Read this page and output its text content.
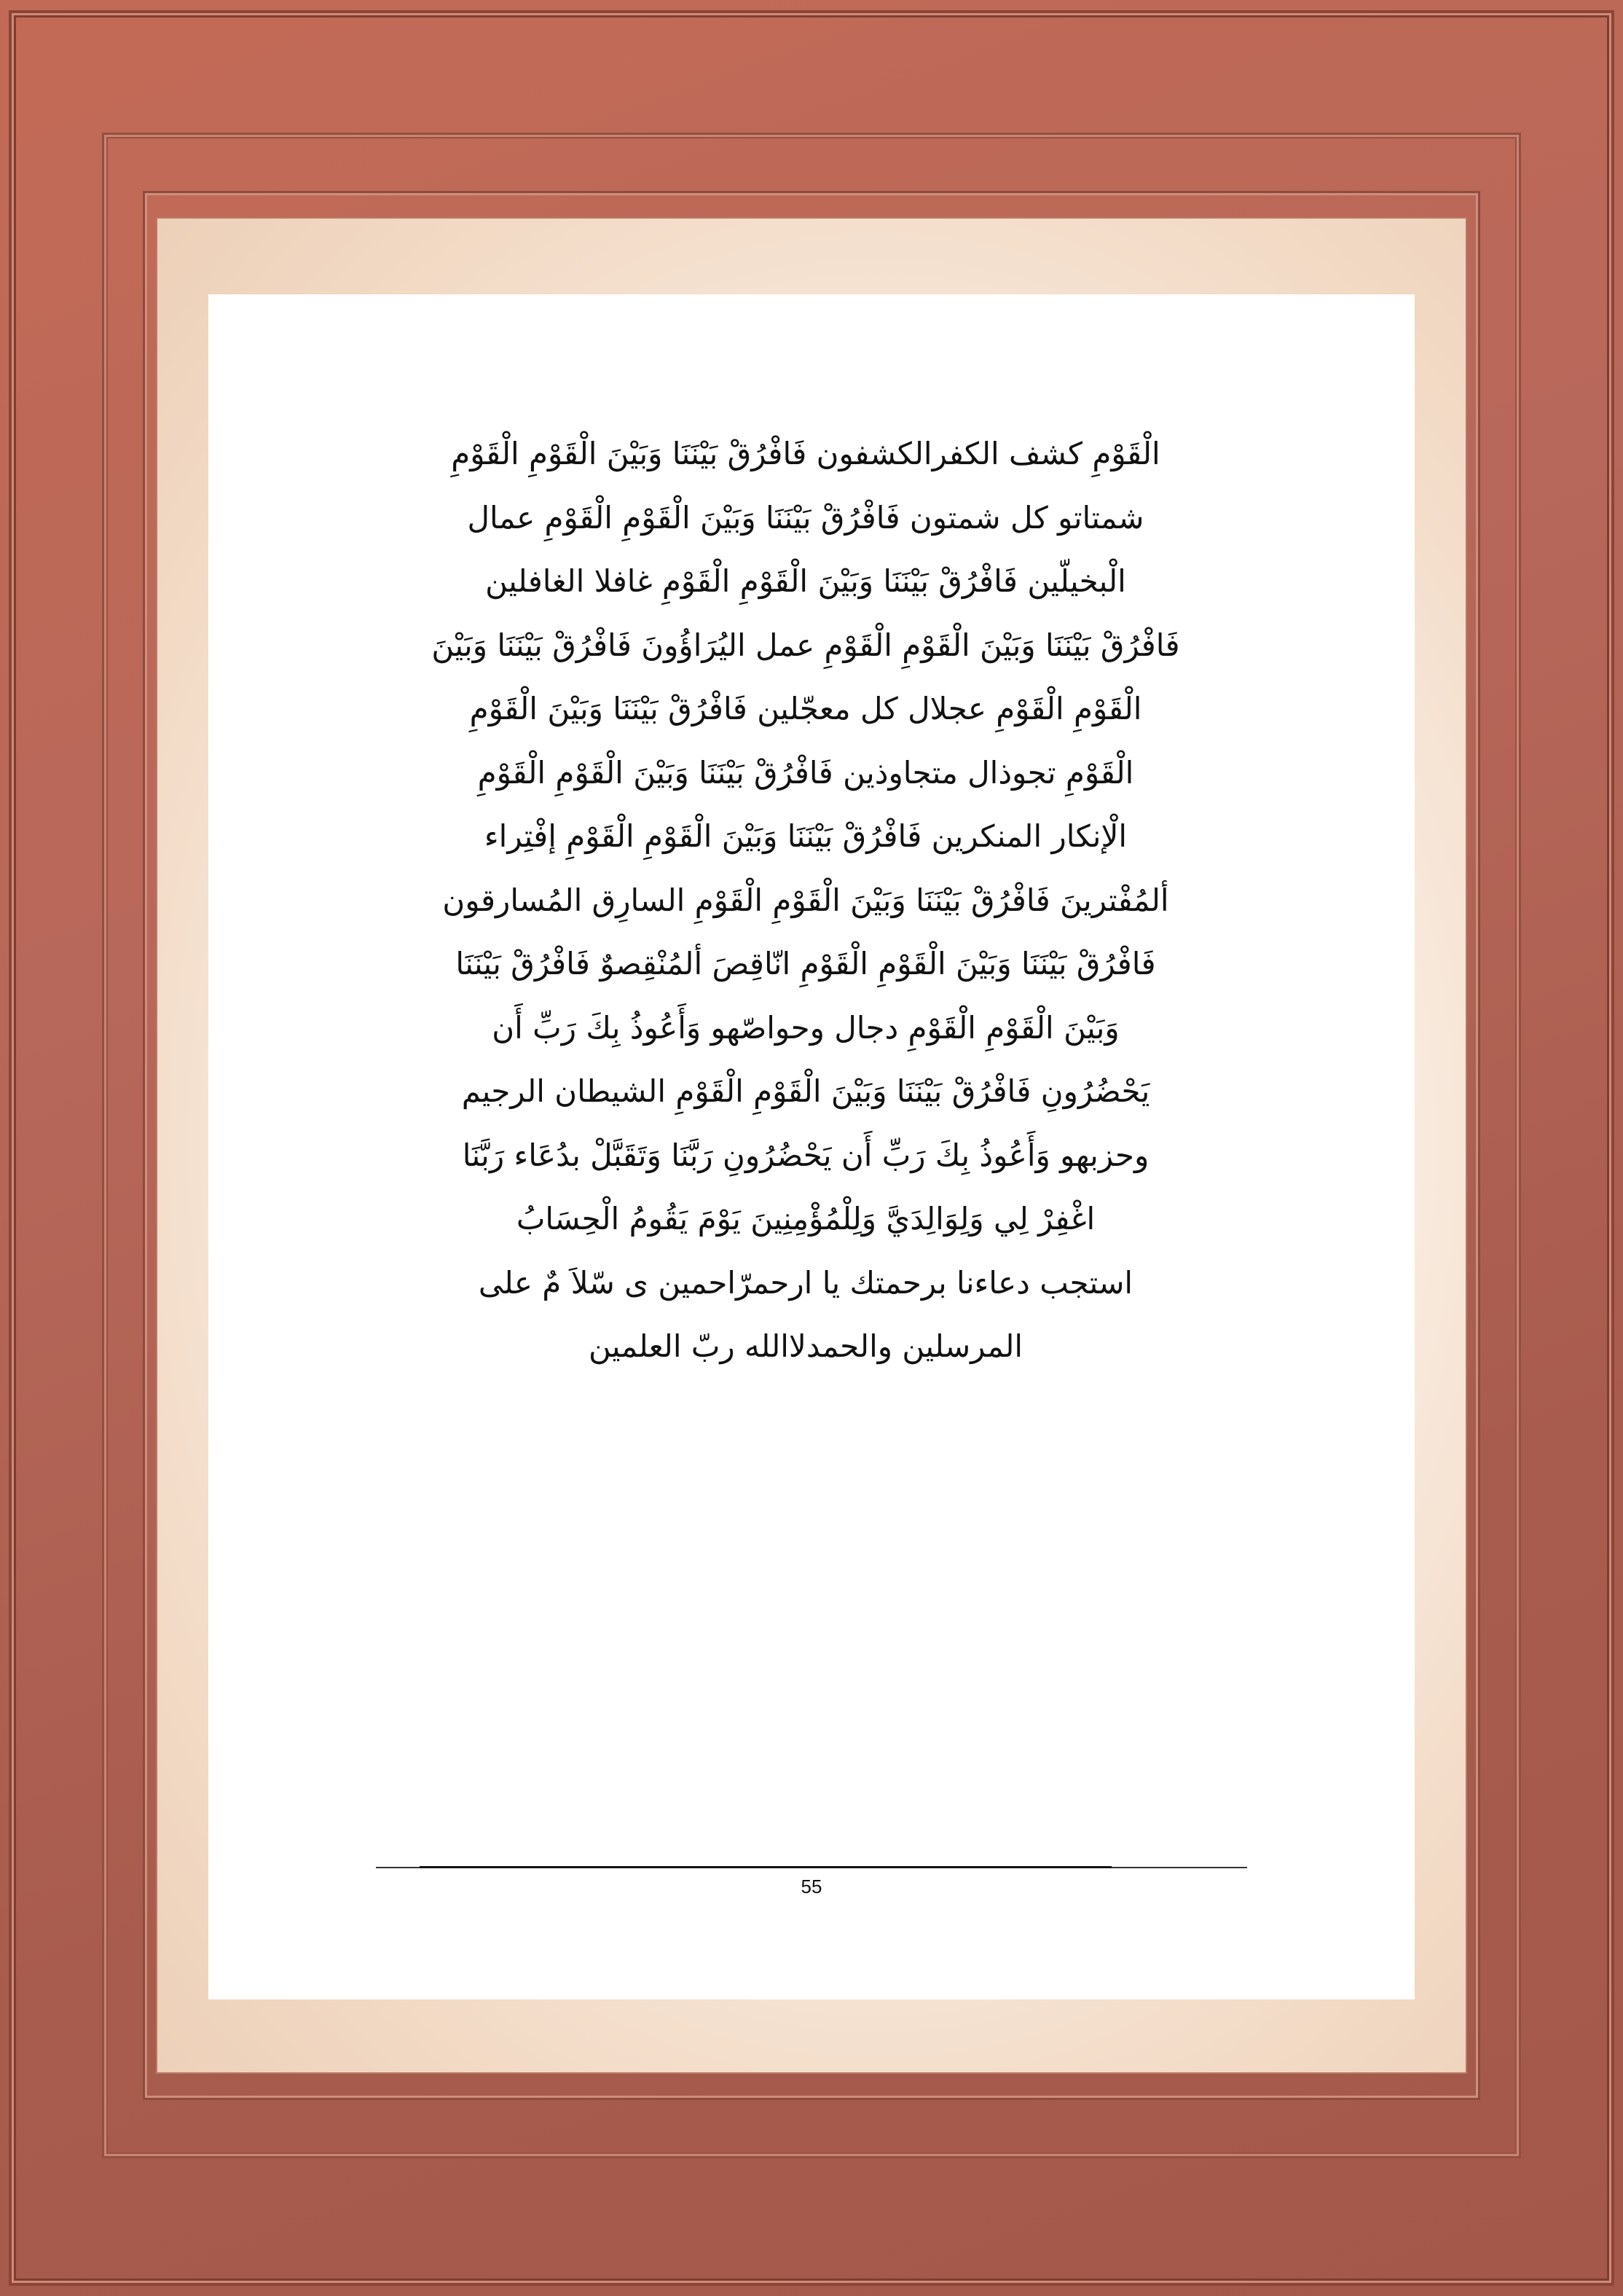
الْقَوْمِ كشف الكفرالكشفون فَافْرُقْ بَيْنَنَا وَبَيْنَ الْقَوْمِ الْقَوْمِ
شمتاتو كل شمتون فَافْرُقْ بَيْنَنَا وَبَيْنَ الْقَوْمِ الْقَوْمِ عمال
الْبخيلّين فَافْرُقْ بَيْنَنَا وَبَيْنَ الْقَوْمِ الْقَوْمِ غافلا الغافلين
فَافْرُقْ بَيْنَنَا وَبَيْنَ الْقَوْمِ الْقَوْمِ عمل اليُرَاؤُونَ فَافْرُقْ بَيْنَنَا وَبَيْنَ
الْقَوْمِ الْقَوْمِ عجلال كل معجّلين فَافْرُقْ بَيْنَنَا وَبَيْنَ الْقَوْمِ
الْقَوْمِ تجوذال متجاوذين فَافْرُقْ بَيْنَنَا وَبَيْنَ الْقَوْمِ الْقَوْمِ
الْإنكار المنكرين فَافْرُقْ بَيْنَنَا وَبَيْنَ الْقَوْمِ الْقَوْمِ إفْتِراء
ألمُفْترينَ فَافْرُقْ بَيْنَنَا وَبَيْنَ الْقَوْمِ الْقَوْمِ السارِق المُسارقون
فَافْرُقْ بَيْنَنَا وَبَيْنَ الْقَوْمِ الْقَوْمِ انّاقِصَ ألمُنْقِصوٌ فَافْرُقْ بَيْنَنَا
وَبَيْنَ الْقَوْمِ الْقَوْمِ دجال وحواصّهو وَأَعُوذُ بِكَ رَبِّ أَن
يَحْضُرُونِ فَافْرُقْ بَيْنَنَا وَبَيْنَ الْقَوْمِ الْقَوْمِ الشيطان الرجيم
وحزبهو وَأَعُوذُ بِكَ رَبِّ أَن يَحْضُرُونِ رَبَّنَا وَتَقَبَّلْ بدُعَاء رَبَّنَا
اغْفِرْ لِي وَلِوَالِدَيَّ وَلِلْمُؤْمِنِينَ يَوْمَ يَقُومُ الْحِسَابُ
استجب دعاءنا برحمتك يا ارحمرّاحمين ى سّلاَ مٌ على
المرسلين والحمدلاالله ربّ العلمين
55
